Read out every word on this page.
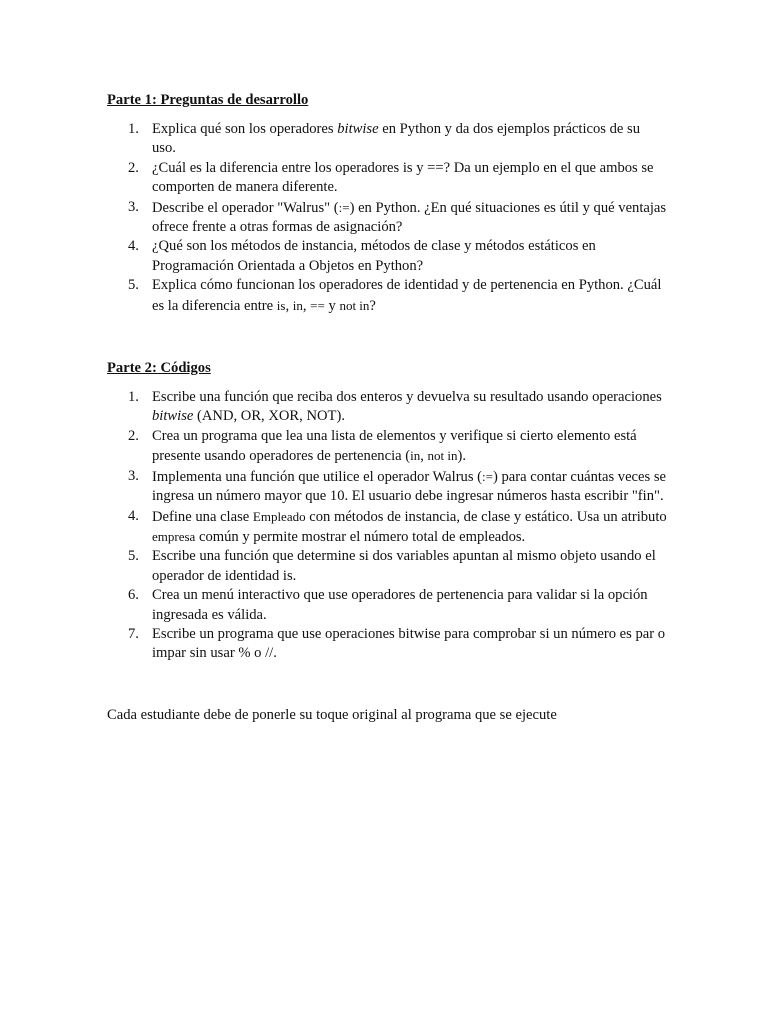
Parte 1: Preguntas de desarrollo
1. Explica qué son los operadores bitwise en Python y da dos ejemplos prácticos de su uso.
2. ¿Cuál es la diferencia entre los operadores is y ==? Da un ejemplo en el que ambos se comporten de manera diferente.
3. Describe el operador "Walrus" (:=) en Python. ¿En qué situaciones es útil y qué ventajas ofrece frente a otras formas de asignación?
4. ¿Qué son los métodos de instancia, métodos de clase y métodos estáticos en Programación Orientada a Objetos en Python?
5. Explica cómo funcionan los operadores de identidad y de pertenencia en Python. ¿Cuál es la diferencia entre is, in, == y not in?
Parte 2: Códigos
1. Escribe una función que reciba dos enteros y devuelva su resultado usando operaciones bitwise (AND, OR, XOR, NOT).
2. Crea un programa que lea una lista de elementos y verifique si cierto elemento está presente usando operadores de pertenencia (in, not in).
3. Implementa una función que utilice el operador Walrus (:=) para contar cuántas veces se ingresa un número mayor que 10. El usuario debe ingresar números hasta escribir "fin".
4. Define una clase Empleado con métodos de instancia, de clase y estático. Usa un atributo empresa común y permite mostrar el número total de empleados.
5. Escribe una función que determine si dos variables apuntan al mismo objeto usando el operador de identidad is.
6. Crea un menú interactivo que use operadores de pertenencia para validar si la opción ingresada es válida.
7. Escribe un programa que use operaciones bitwise para comprobar si un número es par o impar sin usar % o //.

Cada estudiante debe de ponerle su toque original al programa que se ejecute
